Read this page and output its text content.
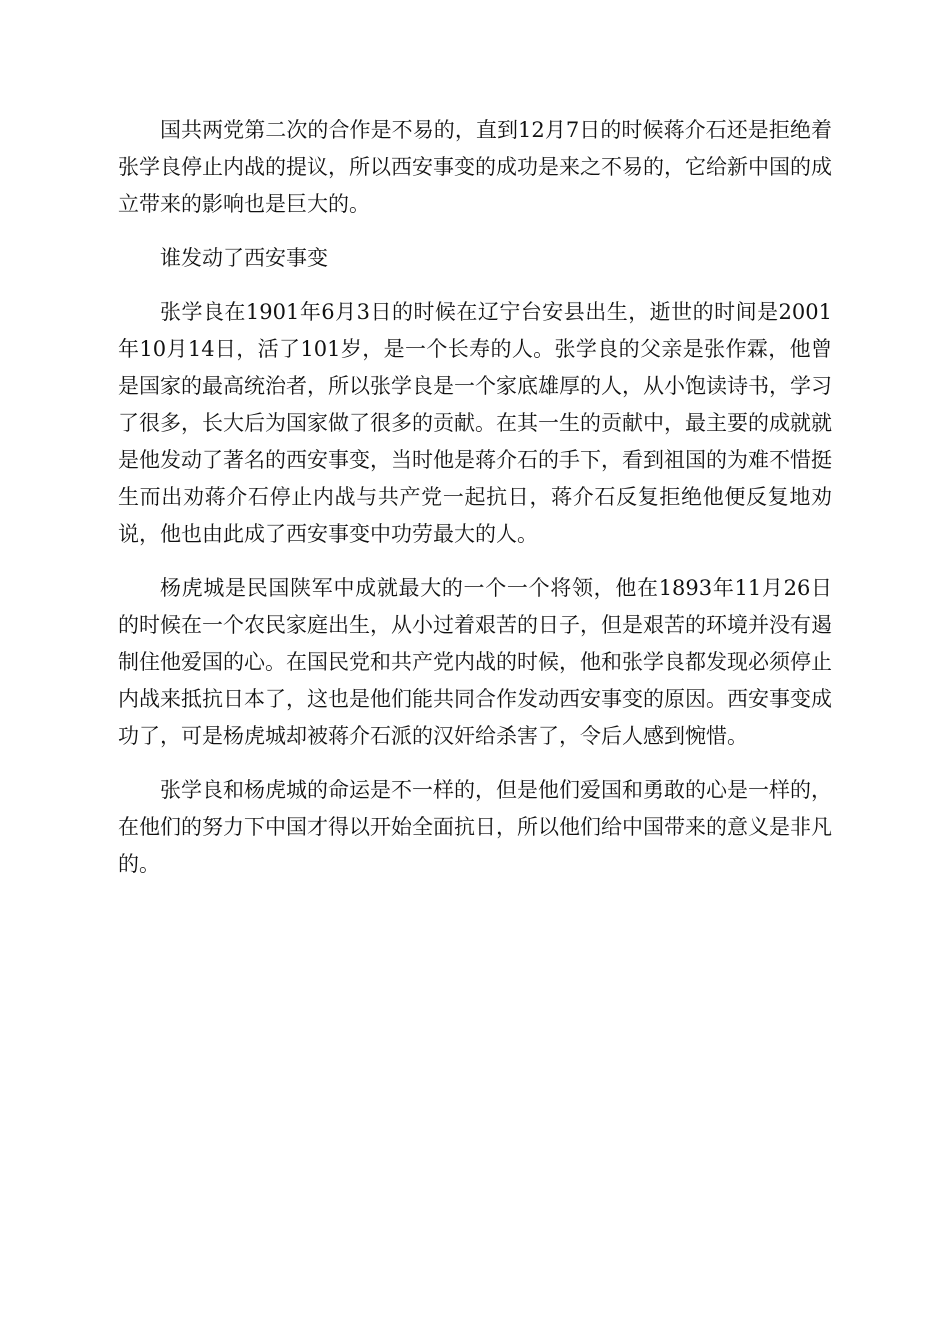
国共两党第二次的合作是不易的，直到12月7日的时候蒋介石还是拒绝着张学良停止内战的提议，所以西安事变的成功是来之不易的，它给新中国的成立带来的影响也是巨大的。

谁发动了西安事变

张学良在1901年6月3日的时候在辽宁台安县出生，逝世的时间是2001年10月14日，活了101岁，是一个长寿的人。张学良的父亲是张作霖，他曾是国家的最高统治者，所以张学良是一个家底雄厚的人，从小饱读诗书，学习了很多，长大后为国家做了很多的贡献。在其一生的贡献中，最主要的成就就是他发动了著名的西安事变，当时他是蒋介石的手下，看到祖国的为难不惜挺生而出劝蒋介石停止内战与共产党一起抗日，蒋介石反复拒绝他便反复地劝说，他也由此成了西安事变中功劳最大的人。

杨虎城是民国陕军中成就最大的一个一个将领，他在1893年11月26日的时候在一个农民家庭出生，从小过着艰苦的日子，但是艰苦的环境并没有遏制住他爱国的心。在国民党和共产党内战的时候，他和张学良都发现必须停止内战来抵抗日本了，这也是他们能共同合作发动西安事变的原因。西安事变成功了，可是杨虎城却被蒋介石派的汉奸给杀害了，令后人感到惋惜。

张学良和杨虎城的命运是不一样的，但是他们爱国和勇敢的心是一样的，在他们的努力下中国才得以开始全面抗日，所以他们给中国带来的意义是非凡的。
